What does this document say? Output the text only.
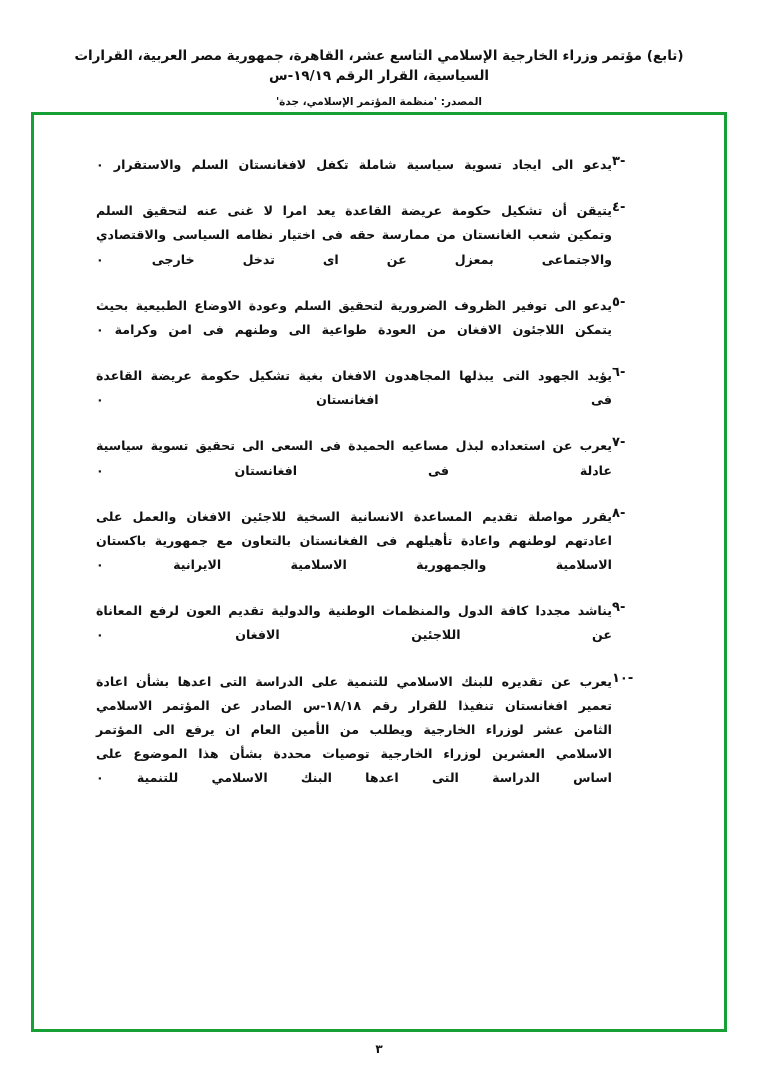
(تابع) مؤتمر وزراء الخارجية الإسلامي التاسع عشر، القاهرة، جمهورية مصر العربية، القرارات السياسية، القرار الرقم ١٩/١٩-س
المصدر: 'منظمة المؤتمر الإسلامي، جدة'
-٣
يدعو الى ايجاد تسوية سياسية شاملة تكفل لافغانستان السلم والاستقرار ٠
-٤
يتيقن أن تشكيل حكومة عريضة القاعدة يعد امرا لا غنى عنه لتحقيق السلم وتمكين شعب الغانستان من ممارسة حقه فى اختيار نظامه السياسى والاقتصادي والاجتماعى بمعزل عن اى تدخل خارجى ٠
-٥
يدعو الى توفير الظروف الضرورية لتحقيق السلم وعودة الاوضاع الطبيعية بحيث يتمكن اللاجئون الافغان من العودة طواعية الى وطنهم فى امن وكرامة ٠
-٦
يؤيد الجهود التى يبذلها المجاهدون الافغان بغية تشكيل حكومة عريضة القاعدة فى افغانستان ٠
-٧
يعرب عن استعداده لبذل مساعيه الحميدة فى السعى الى تحقيق تسوية سياسية عادلة فى افغانستان ٠
-٨
يقرر مواصلة تقديم المساعدة الانسانية السخية للاجئين الافغان والعمل على اعادتهم لوطنهم واعادة تأهيلهم فى الفغانستان بالتعاون مع جمهورية باكستان الاسلامية والجمهورية الاسلامية الايرانية ٠
-٩
يناشد مجددا كافة الدول والمنظمات الوطنية والدولية تقديم العون لرفع المعاناة عن اللاجئين الافغان ٠
-١٠
يعرب عن تقديره للبنك الاسلامي للتنمية على الدراسة التى اعدها بشأن اعادة تعمير افغانستان تنفيذا للقرار رقم ١٨/١٨-س الصادر عن المؤتمر الاسلامي الثامن عشر لوزراء الخارجية ويطلب من الأمين العام ان يرفع الى المؤتمر الاسلامي العشرين لوزراء الخارجية توصيات محددة بشأن هذا الموضوع على اساس الدراسة التى اعدها البنك الاسلامي للتنمية ٠
٣
